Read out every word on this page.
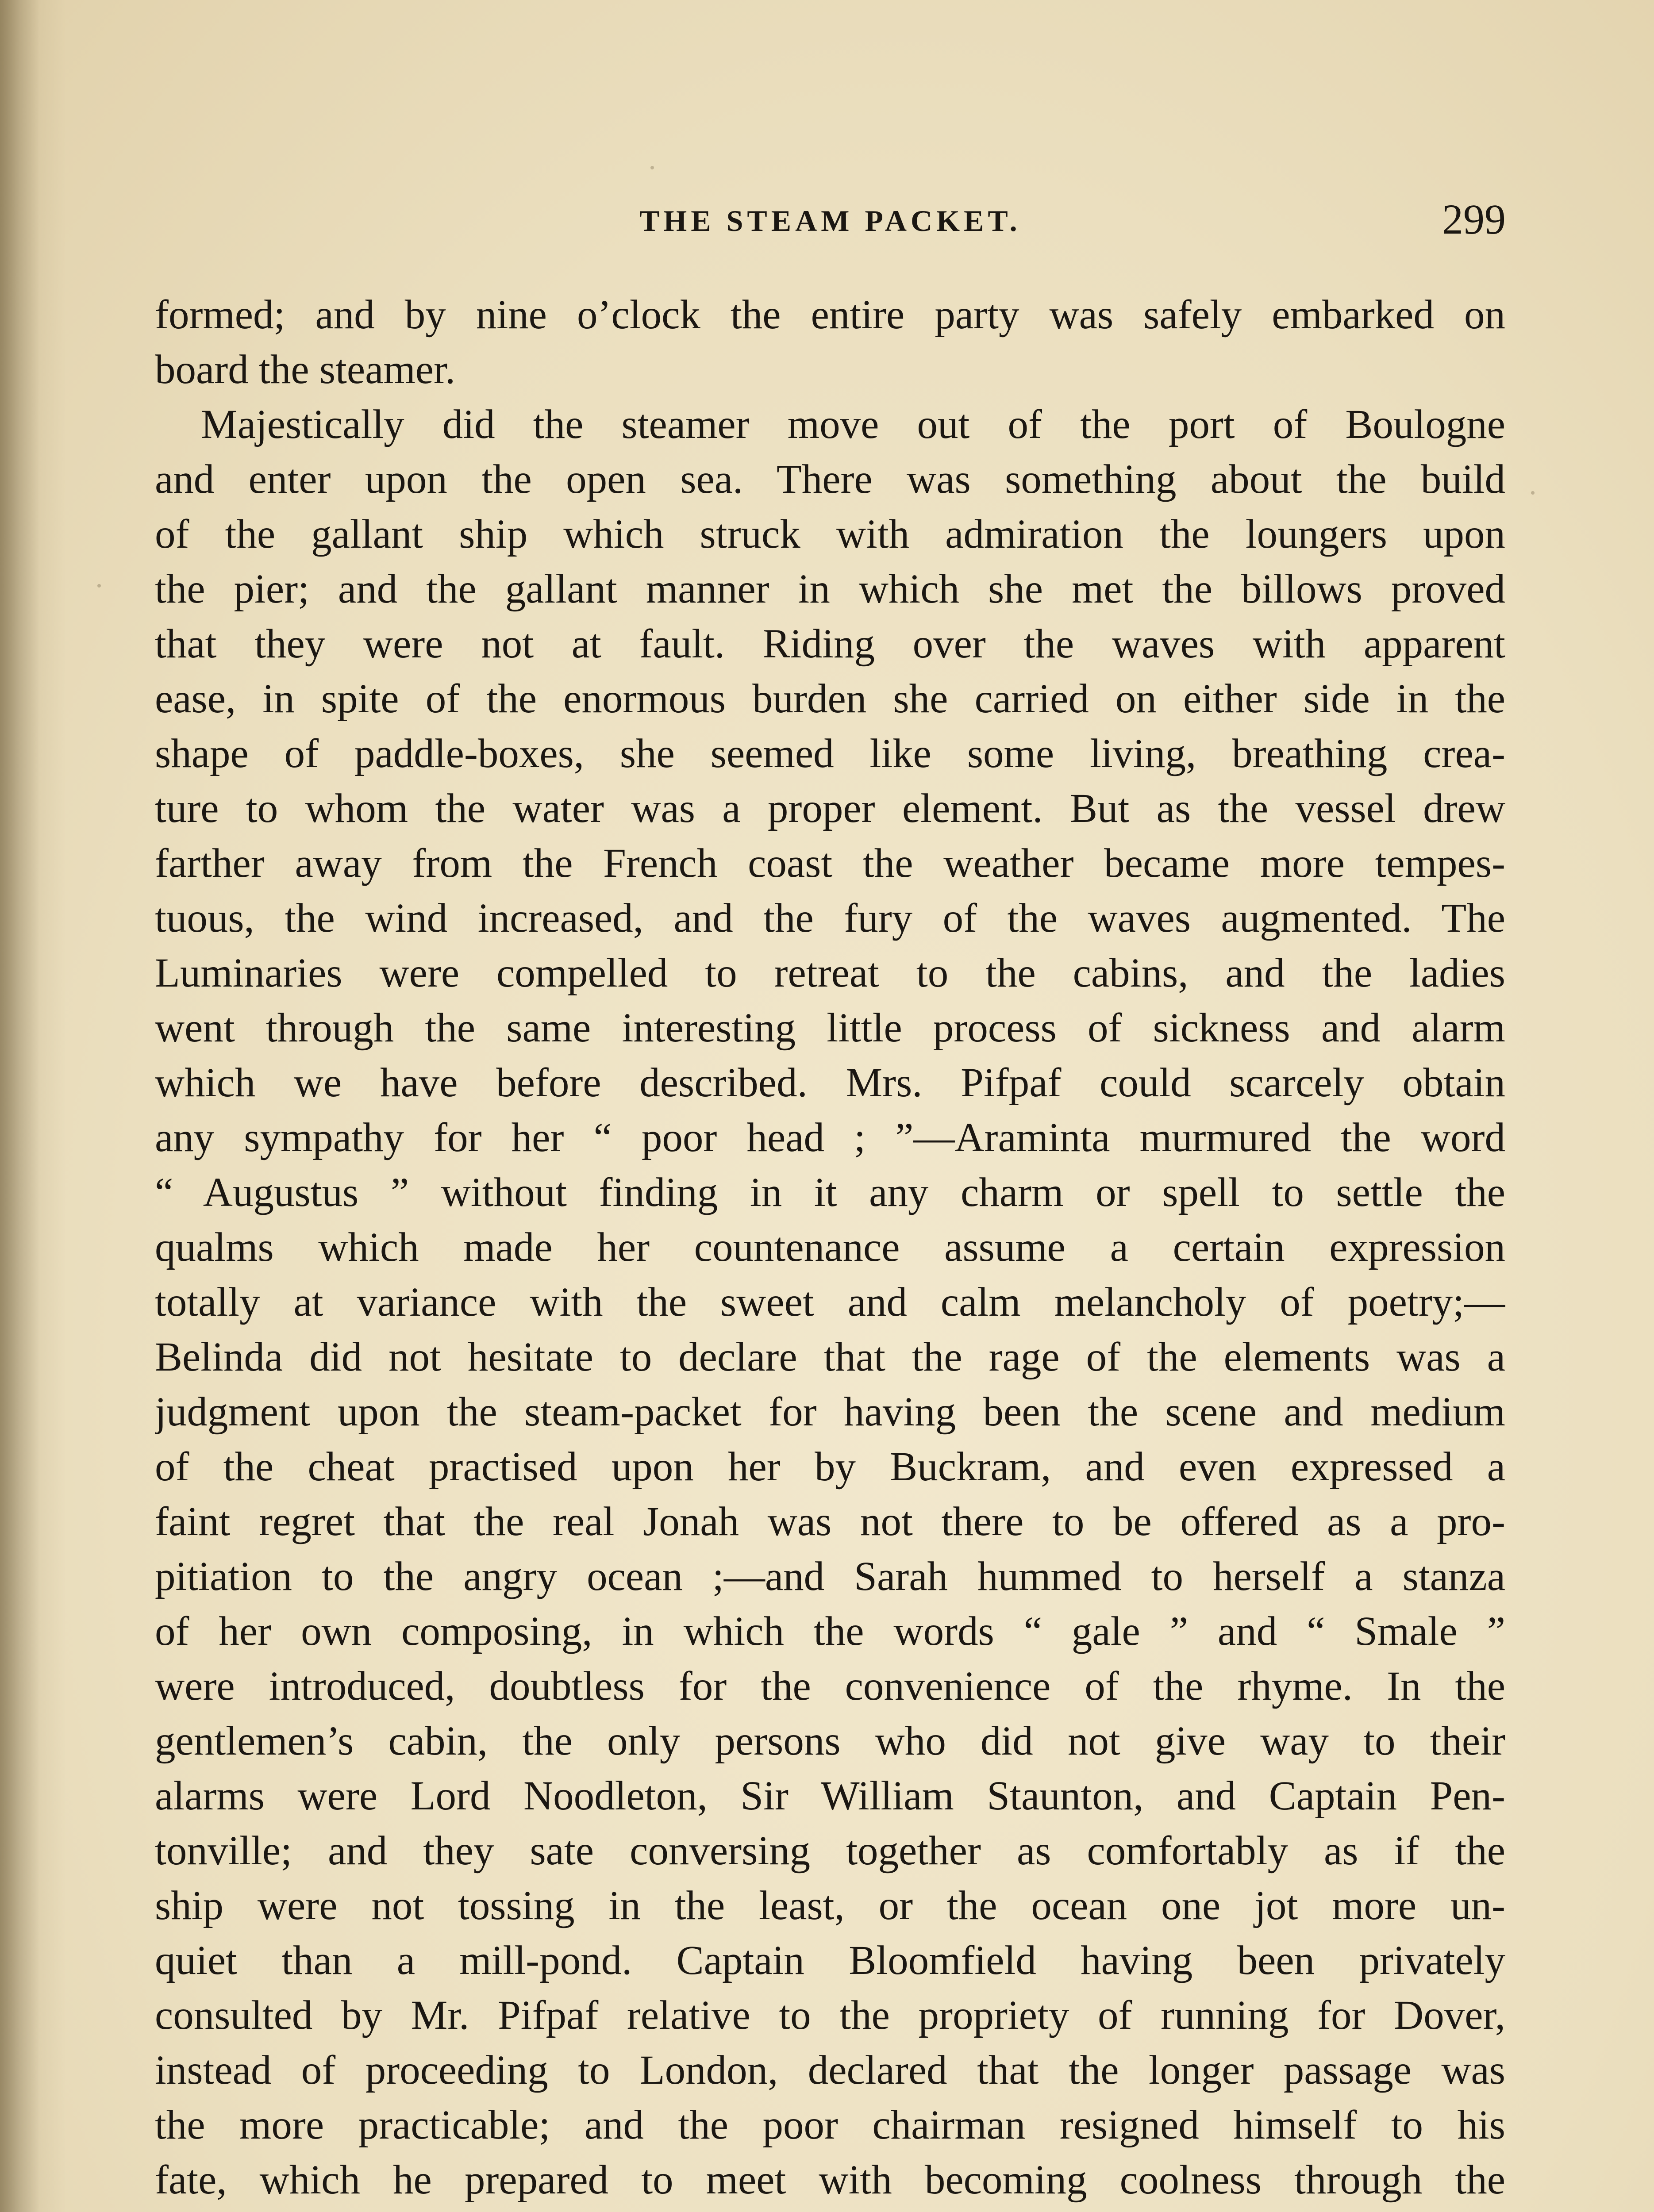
THE STEAM PACKET.	299
formed; and by nine o’clock the entire party was safely embarked on
board the steamer.
Majestically did the steamer move out of the port of Boulogne
and enter upon the open sea. There was something about the build
of the gallant ship which struck with admiration the loungers upon
the pier; and the gallant manner in which she met the billows proved
that they were not at fault. Riding over the waves with apparent
ease, in spite of the enormous burden she carried on either side in the
shape of paddle-boxes, she seemed like some living, breathing crea-
ture to whom the water was a proper element. But as the vessel drew
farther away from the French coast the weather became more tempes-
tuous, the wind increased, and the fury of the waves augmented. The
Luminaries were compelled to retreat to the cabins, and the ladies
went through the same interesting little process of sickness and alarm
which we have before described. Mrs. Pifpaf could scarcely obtain
any sympathy for her “ poor head ; ”—Araminta murmured the word
“ Augustus ” without finding in it any charm or spell to settle the
qualms which made her countenance assume a certain expression
totally at variance with the sweet and calm melancholy of poetry;—
Belinda did not hesitate to declare that the rage of the elements was a
judgment upon the steam-packet for having been the scene and medium
of the cheat practised upon her by Buckram, and even expressed a
faint regret that the real Jonah was not there to be offered as a pro-
pitiation to the angry ocean ;—and Sarah hummed to herself a stanza
of her own composing, in which the words “ gale ” and “ Smale ”
were introduced, doubtless for the convenience of the rhyme. In the
gentlemen’s cabin, the only persons who did not give way to their
alarms were Lord Noodleton, Sir William Staunton, and Captain Pen-
tonville; and they sate conversing together as comfortably as if the
ship were not tossing in the least, or the ocean one jot more un-
quiet than a mill-pond. Captain Bloomfield having been privately
consulted by Mr. Pifpaf relative to the propriety of running for Dover,
instead of proceeding to London, declared that the longer passage was
the more practicable; and the poor chairman resigned himself to his
fate, which he prepared to meet with becoming coolness through the
